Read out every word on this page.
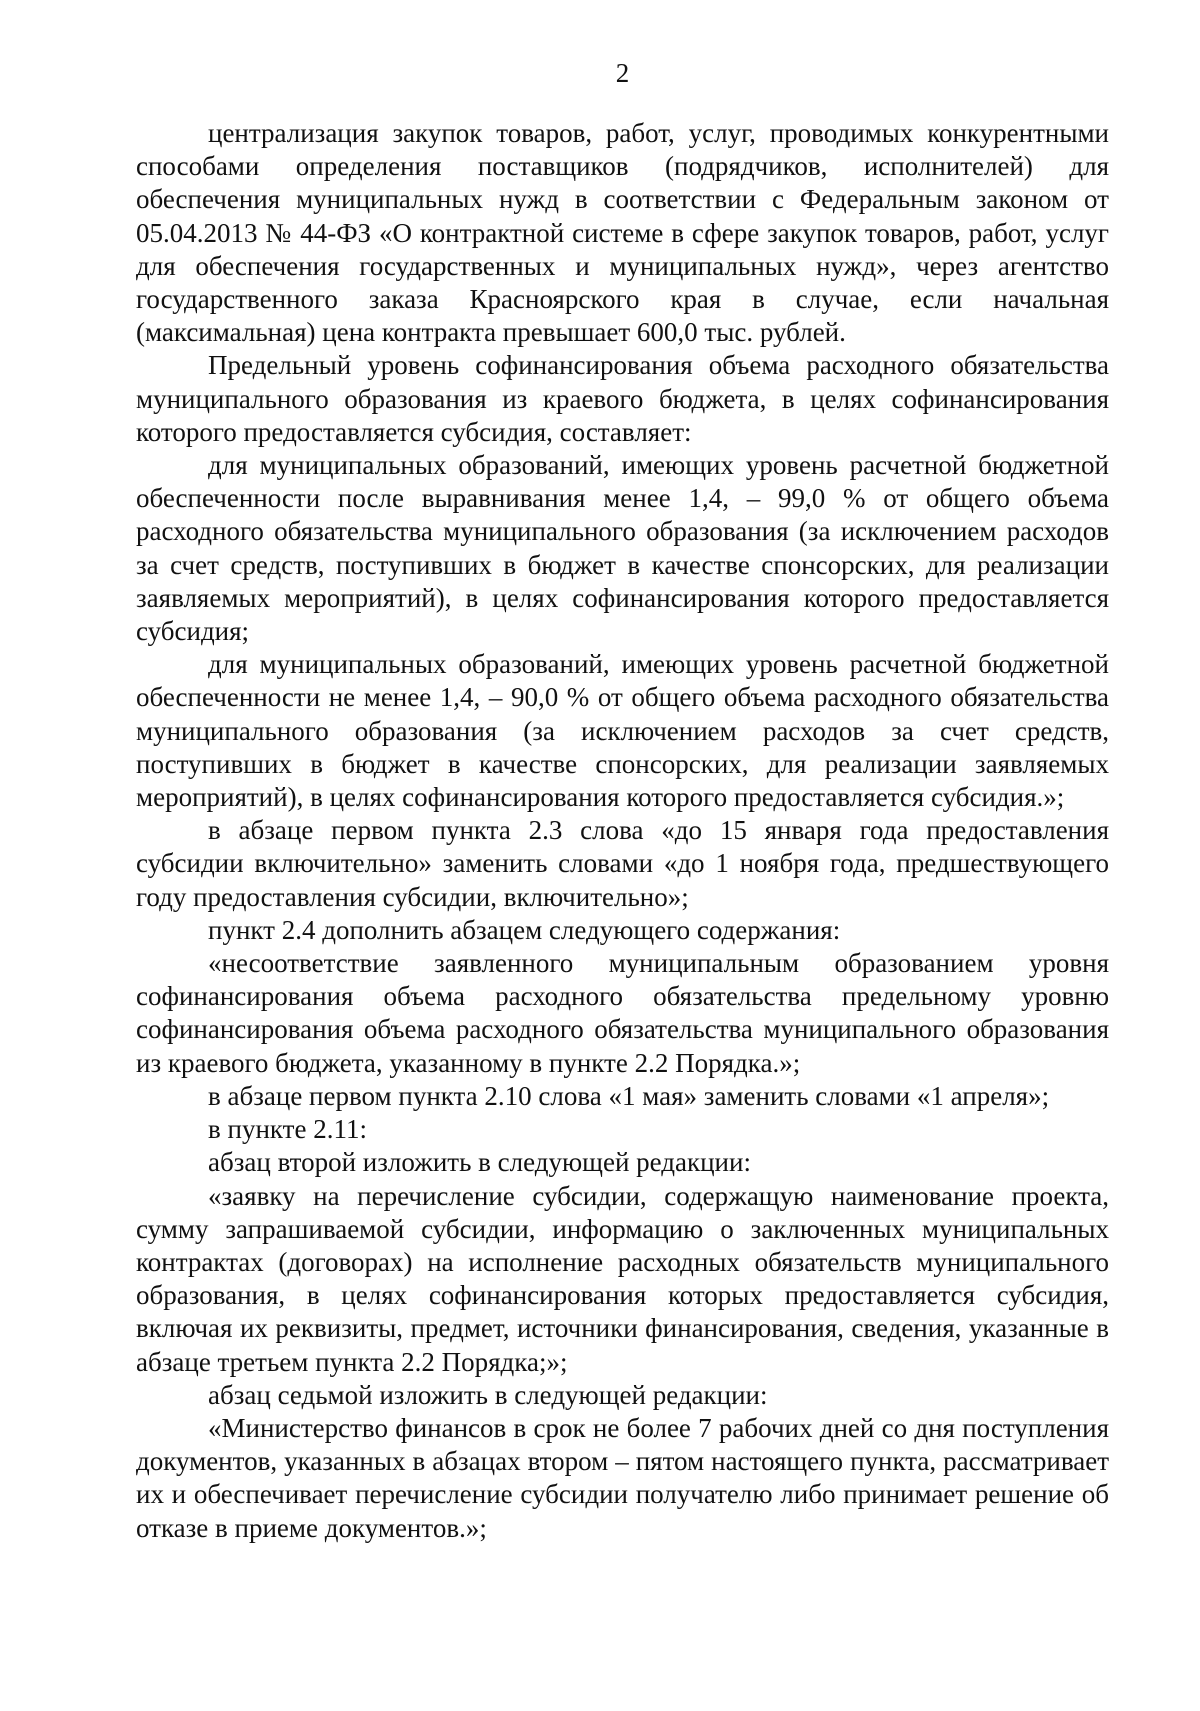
2

централизация закупок товаров, работ, услуг, проводимых конкурентными способами определения поставщиков (подрядчиков, исполнителей) для обеспечения муниципальных нужд в соответствии с Федеральным законом от 05.04.2013 № 44-ФЗ «О контрактной системе в сфере закупок товаров, работ, услуг для обеспечения государственных и муниципальных нужд», через агентство государственного заказа Красноярского края в случае, если начальная (максимальная) цена контракта превышает 600,0 тыс. рублей.

Предельный уровень софинансирования объема расходного обязательства муниципального образования из краевого бюджета, в целях софинансирования которого предоставляется субсидия, составляет:

для муниципальных образований, имеющих уровень расчетной бюджетной обеспеченности после выравнивания менее 1,4, – 99,0 % от общего объема расходного обязательства муниципального образования (за исключением расходов за счет средств, поступивших в бюджет в качестве спонсорских, для реализации заявляемых мероприятий), в целях софинансирования которого предоставляется субсидия;

для муниципальных образований, имеющих уровень расчетной бюджетной обеспеченности не менее 1,4, – 90,0 % от общего объема расходного обязательства муниципального образования (за исключением расходов за счет средств, поступивших в бюджет в качестве спонсорских, для реализации заявляемых мероприятий), в целях софинансирования которого предоставляется субсидия.»;

в абзаце первом пункта 2.3 слова «до 15 января года предоставления субсидии включительно» заменить словами «до 1 ноября года, предшествующего году предоставления субсидии, включительно»;

пункт 2.4 дополнить абзацем следующего содержания:

«несоответствие заявленного муниципальным образованием уровня софинансирования объема расходного обязательства предельному уровню софинансирования объема расходного обязательства муниципального образования из краевого бюджета, указанному в пункте 2.2 Порядка.»;

в абзаце первом пункта 2.10 слова «1 мая» заменить словами «1 апреля»;

в пункте 2.11:

абзац второй изложить в следующей редакции:

«заявку на перечисление субсидии, содержащую наименование проекта, сумму запрашиваемой субсидии, информацию о заключенных муниципальных контрактах (договорах) на исполнение расходных обязательств муниципального образования, в целях софинансирования которых предоставляется субсидия, включая их реквизиты, предмет, источники финансирования, сведения, указанные в абзаце третьем пункта 2.2 Порядка;»;

абзац седьмой изложить в следующей редакции:

«Министерство финансов в срок не более 7 рабочих дней со дня поступления документов, указанных в абзацах втором – пятом настоящего пункта, рассматривает их и обеспечивает перечисление субсидии получателю либо принимает решение об отказе в приеме документов.»;
